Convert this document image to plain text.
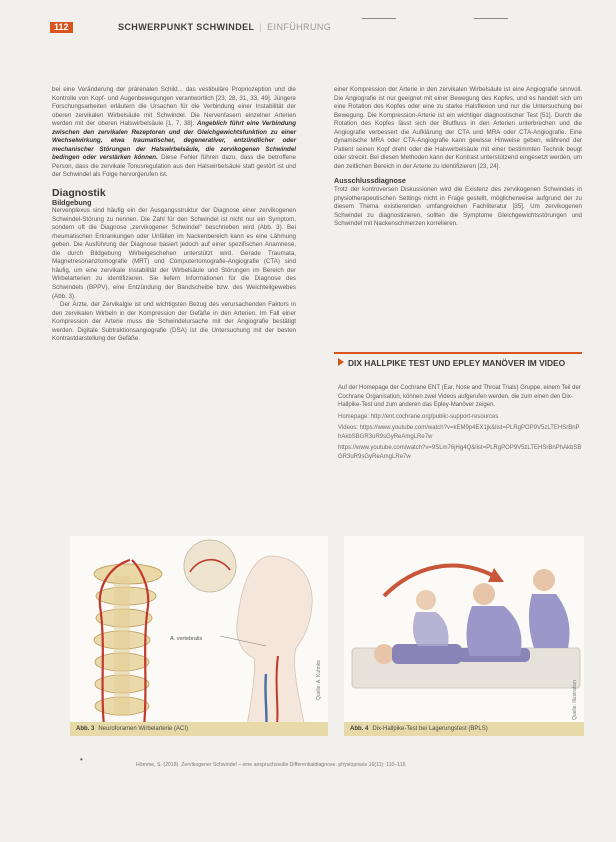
112	SCHWERPUNKT SCHWINDEL | EINFÜHRUNG

bei eine Veränderung der prärenalen Schild... das vestibuläre Propriozeption und die Kontrolle von Kopf- und Augenbewegungen verantwortlich [23, 28, 31, 33, 49]. Jüngere Forschungsarbeiten erläutern die Ursachen für die Verbindung einer Instabilität der oberen zervikalen Wirbelsäule mit Schwindel. Die Nervenfasern einzelner Arterien werden mit der oberen Halswirbelsäule [1, 7, 38]. Angeblich führt eine Verbindung zwischen den zervikalen Rezeptoren und der Gleichgewichtsfunktion zu einer Wechselwirkung, etwa traumatischer, degenerativer, entzündlicher oder mechanischer Störungen der Halswirbelsäule, die zervikogenen Schwindel bedingen oder verstärken können. Diese Fehler führen dazu, dass die betroffene Person, dass die zervikale Tonusregulation aus den Halswirbelsäule statt gestört ist und der Schwindel als Folge hervorgerufen ist.

Diagnostik
Bildgebung

Nervenplexus sind häufig ein der Ausgangsstruktur der Diagnose einer zervikogenen Schwindel-Störung zu nennen. Die Zahl für den Schwindel ist nicht nur ein Symptom, sondern oft die Diagnose „zervikogener Schwindel" beschrieben wird (Abb. 3). Bei rheumatischen Erkrankungen oder Unfällen im Nackenbereich kann es eine Lähmung geben. Die Ausführung der Diagnose basiert jedoch auf einer spezifischen Anamnese, die durch Bildgebung Wirbelgeschehen unterstützt wird. Gerade Traumata, Magnetresonanztomografie (MRT) und Computertomografie-Angiografie (CTA) sind häufig, um eine zervikale Instabilität der Wirbelsäule und Störungen im Bereich der Wirbelarterien zu identifizieren. Sie liefern Informationen für die Diagnose des Schwindels (BPPV), eine Entzündung der Bandscheibe bzw. des Weichteilgewebes (Abb. 3).

Der Ärzte, der Zervikalgie ist und wichtigsten Bezug des verursachenden Faktors in den zervikalen Wirbeln in der Kompression der Gefäße in den Arterien. Im Fall einer Kompression der Arterie muss die Schwindelursache mit der Angiografie bestätigt werden. Digitale Subtraktionsangiografie (DSA) ist die Untersuchung mit der besten Kontrastdarstellung der Gefäße.

einer Kompression der Arterie in den zervikalen Wirbelsäule ist eine Angiografie sinnvoll. Die Angiografie ist nur geeignet mit einer Bewegung des Kopfes, und es handelt sich um eine Rotation des Kopfes oder eine zu starke Halsflexion und nur die Untersuchung bei Bewegung. Die Kompression-Arterie ist ein wichtiger diagnostischer Test [51]. Durch die Rotation des Kopfes lässt sich der Blutfluss in den Arterien unterbrechen und die Angiografie verbessert die Aufklärung der CTA und MRA oder CTA-Angiografie. Eine dynamische MRA oder CTA-Angiografie kann gewisse Hinweise geben, während der Patient seinen Kopf dreht oder die Halswirbelsäule mit einer bestimmten Technik beugt oder streckt. Bei diesen Methoden kann der Kontrast unterstützend eingesetzt werden, um den zeitlichen Bereich in der Arterie zu identifizieren [23, 24].

Ausschlussdiagnose

Trotz der kontroversen Diskussionen wird die Existenz des zervikogenen Schwindels in physiotherapeutischen Settings nicht in Frage gestellt, möglicherweise aufgrund der zu diesem Thema existierenden umfangreichen Fachliteratur [35]. Um zervikogenen Schwindel zu diagnostizieren, sollten die Symptome Gleichgewichtsstörungen und Schwindel mit Nackenschmerzen korrelieren.

DIX HALLPIKE TEST UND EPLEY MANÖVER IM VIDEO

Auf der Homepage der Cochrane ENT (Ear, Nose and Throat Trials) Gruppe, einem Teil der Cochrane Organisation, können zwei Videos aufgerufen werden, die zum einen den Dix-Hallpike-Test und zum anderen das Epley-Manöver zeigen.

Homepage: http://ent.cochrane.org/public-support-resources

Videos: https://www.youtube.com/watch?v=kEM9p4EX1jk&list=PLRgPOP9V5zLTEHSrBnPhAkbSBGR3uR9sGyReAmgLRe7w

https://www.youtube.com/watch?v=9SLm76jHg4Q&list=PLRgPOP9V5zLTEHSrBnPhAkbSBGR3uR9sGyReAmgLRe7w

A. vertebralis
Quelle: A. Kuhnke
Abb. 3 Neuroforamen Wirbelarterie (ACI)
Quelle: Illustration
Abb. 4 Dix-Hallpike-Test bei Lagerungstest (BPLS)
•
Hömme, S. (2018). Zervikogener Schwindel – eine anspruchsvolle Differentialdiagnose. physiopraxis 16(11): 110–115
